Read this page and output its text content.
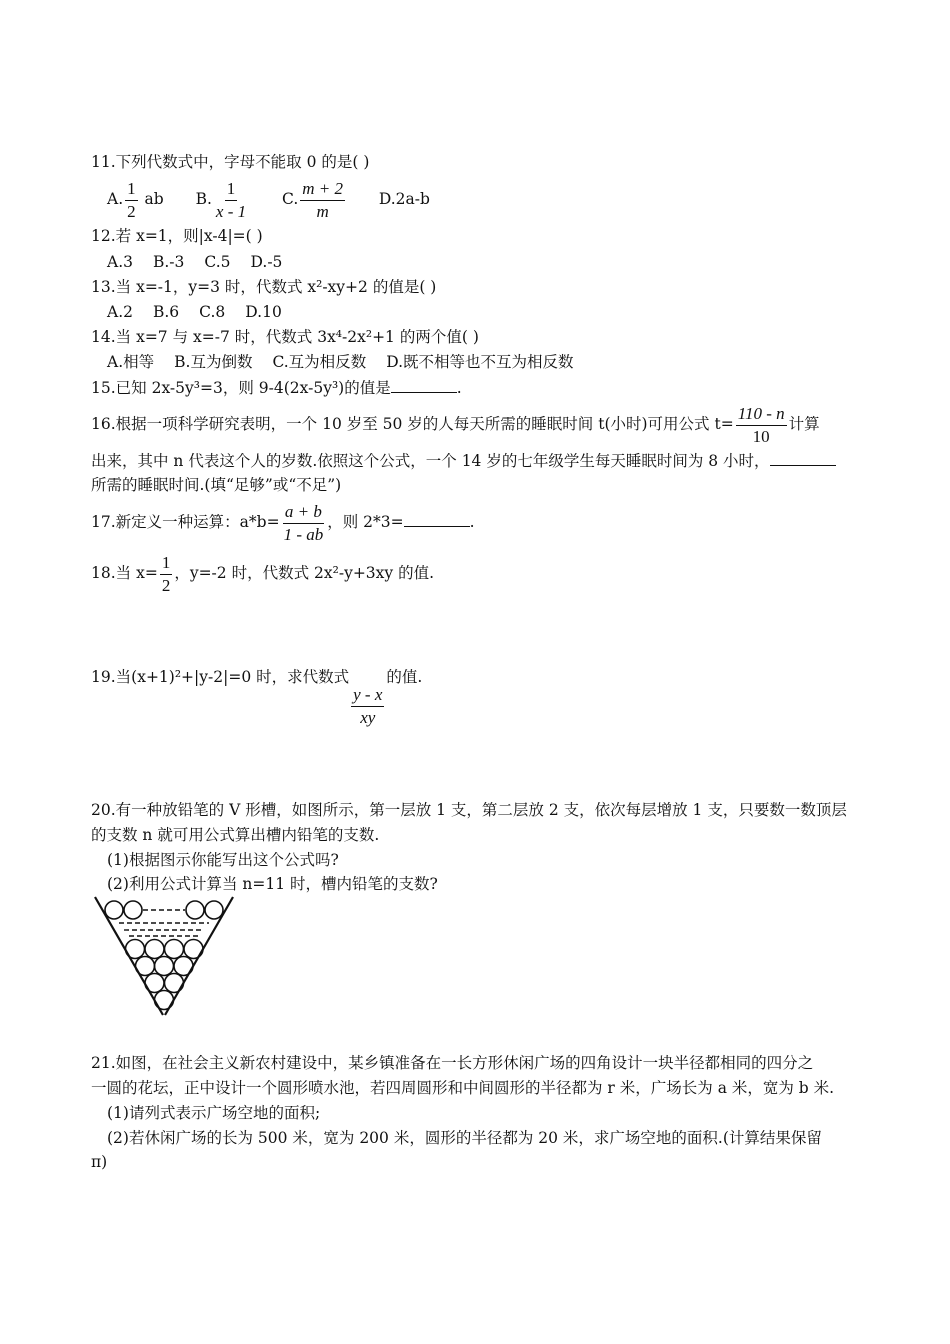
11.下列代数式中，字母不能取 0 的是( )
A. $\frac{1}{2}$ ab B. $\frac{1}{x - 1} C$. $\frac{m + 2}{m} D.2a-b$
12.若 x=1，则|x-4|=( )
A.3 B.-3 C.5 D.-5
13.当 x=-1，y=3 时，代数式 x²-xy+2 的值是( )
A.2 B.6 C.8 D.10
14.当 x=7 与 x=-7 时，代数式 3x⁴-2x²+1 的两个值( )
A.相等 B.互为倒数 C.互为相反数 D.既不相等也不互为相反数
15.已知 2x-5y³=3，则 9-4(2x-5y³)的值是	.
16.根据一项科学研究表明，一个 10 岁至 50 岁的人每天所需的睡眠时间 t(小时)可用公式 $t= \frac{110 - n}{10}$ 计算
出来，其中 n 代表这个人的岁数.依照这个公式，一个 14 岁的七年级学生每天睡眠时间为 8 小时，
所需的睡眠时间.(填“足够”或“不足”)
17.新定义一种运算：$a*b= \frac{a + b}{1 - ab}$ ，则 2*3=	.
18.当 $x= \frac{1}{2}$ ，y=-2 时，代数式 2x²-y+3xy 的值.
19.当(x+1)²+|y-2|=0 时，求代数式
$\frac{y - x}{xy}$
的值.
20.有一种放铅笔的 V 形槽，如图所示，第一层放 1 支，第二层放 2 支，依次每层增放 1 支，只要数一数顶层
的支数 n 就可用公式算出槽内铅笔的支数.
(1)根据图示你能写出这个公式吗?
(2)利用公式计算当 n=11 时，槽内铅笔的支数?
21.如图，在社会主义新农村建设中，某乡镇准备在一长方形休闲广场的四角设计一块半径都相同的四分之
一圆的花坛，正中设计一个圆形喷水池，若四周圆形和中间圆形的半径都为 r 米，广场长为 a 米，宽为 b 米.
(1)请列式表示广场空地的面积;
(2)若休闲广场的长为 500 米，宽为 200 米，圆形的半径都为 20 米，求广场空地的面积.(计算结果保留
π)
